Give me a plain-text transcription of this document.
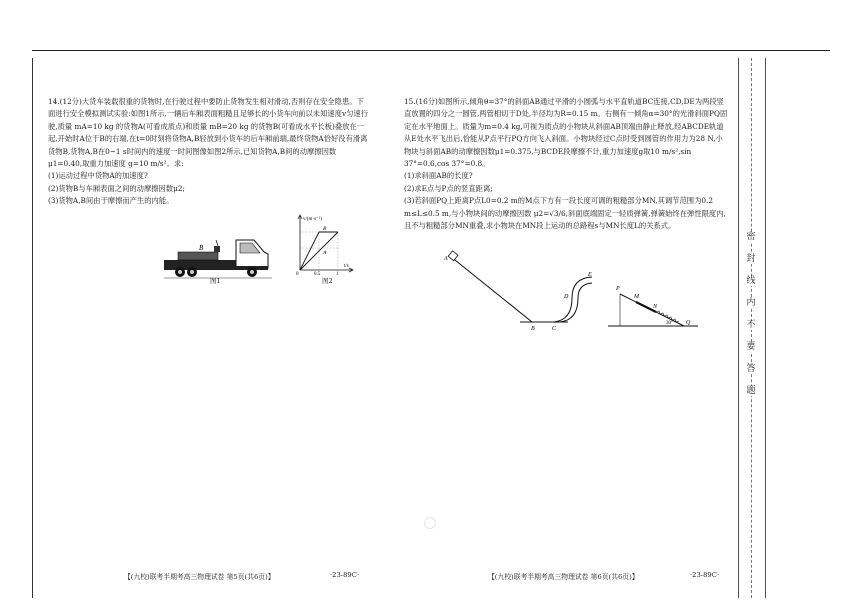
密
封
线
内
不
要
答
题

14.(12分)大货车装载很重的货物时,在行驶过程中要防止货物发生相对滑动,否则存在安全隐患。下面进行安全模拟测试实验:如图1所示,一辆后车厢表面粗糙且足够长的小货车向前以未知速度v匀速行驶,质量 mA=10 kg 的货物A(可看成质点)和质量 mB=20 kg 的货物B(可看成水平长板)叠放在一起,开始时A位于B的右端,在t=0时刻将货物A,B轻放到小货车的后车厢前端,最终货物A恰好没有滑离货物B,货物A,B在0~1 s时间内的速度一时间图像如图2所示,已知货物A,B间的动摩擦因数 μ1=0.40,取重力加速度 g=10 m/s²。求:

(1)运动过程中货物A的加速度?

(2)货物B与车厢表面之间的动摩擦因数μ2;

(3)货物A,B间由于摩擦而产生的内能。

B
图1
v/(m·s⁻¹)
B
A
0	0.5	1
t/s
图2

15.(16分)如图所示,倾角θ=37°的斜面AB通过平滑的小圆弧与水平直轨道BC连接,CD,DE为两段竖直放置的四分之一圆管,两管相切于D处,半径均为R=0.15 m。右侧有一倾角α=30°的光滑斜面PQ固定在水平地面上。质量为m=0.4 kg,可视为质点的小物块从斜面AB顶端由静止释放,经ABCDE轨道从E处水平飞出后,恰能从P点平行PQ方向飞入斜面。小物块经过C点时受到圆管的作用力为28 N,小物块与斜面AB的动摩擦因数μ1=0.375,与BCDE段摩擦不计,重力加速度g取10 m/s²,sin 37°=0.6,cos 37°=0.8。

(1)求斜面AB的长度?

(2)求E点与P点的竖直距离;

(3)若斜面PQ上距离P点L0=0.2 m的M点下方有一段长度可调的粗糙部分MN,其调节范围为0.2 m≤L≤0.5 m,与小物块间的动摩擦因数 μ2=√3/6,斜面底端固定一轻质弹簧,弹簧始终在弹性限度内,且不与粗糙部分MN重叠,求小物块在MN段上运动的总路程s与MN长度L的关系式。

A
B	C
D
E
P
M
N
Q
30°
【(九校)联考半期考高三物理试卷 第5页(共6页)】	·23-89C·	【(九校)联考半期考高三物理试卷 第6页(共6页)】	·23-89C·
